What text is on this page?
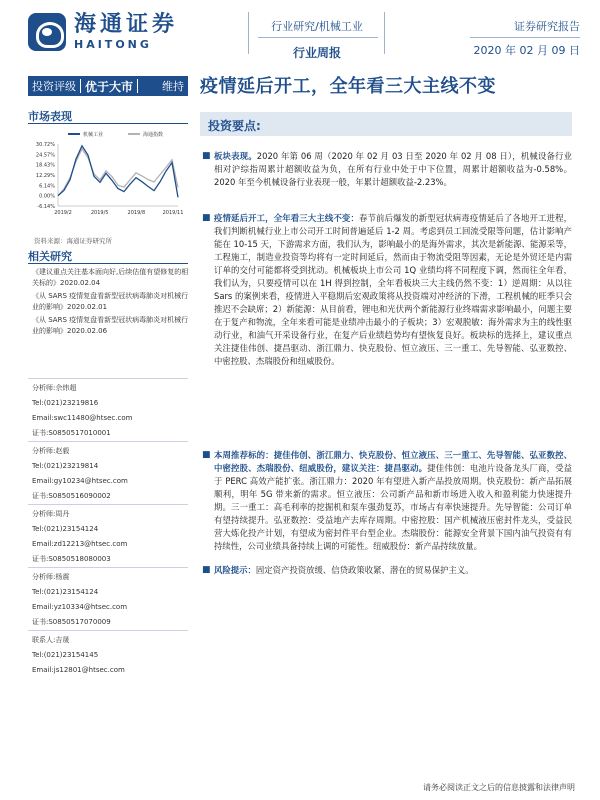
海通证券
HAITONG
行业研究/机械工业
行业周报
证券研究报告
2020 年 02 月 09 日
投资评级 优于大市	维持 疫情延后开工，全年看三大主线不变
市场表现
30.72%
24.57%
18.43%
12.29%
6.14%
0.00%
-6.14%
2019/2	2019/5	2019/8	2019/11
机械工业	海通指数
资料来源：海通证券研究所
相关研究
《建议重点关注基本面向好,后续估值有望修复的相关标的》2020.02.04
《从 SARS 疫情复盘看新型冠状病毒肺炎对机械行业的影响》2020.02.01
《从 SARS 疫情复盘看新型冠状病毒肺炎对机械行业的影响》2020.02.06
分析师:佘炜超
Tel:(021)23219816
Email:swc11480@htsec.com
证书:S0850517010001
分析师:赵毅
Tel:(021)23219814
Email:gy10234@htsec.com
证书:S0850516090002
分析师:周丹
Tel:(021)23154124
Email:zd12213@htsec.com
证书:S0850518080003
分析师:杨震
Tel:(021)23154124
Email:yz10334@htsec.com
证书:S0850517070009
联系人:吉晟
Tel:(021)23154145
Email:js12801@htsec.com
投资要点:
■ 板块表现。2020 年第 06 周（2020 年 02 月 03 日至 2020 年 02 月 08 日），机械设备行业相对沪综指周累计超额收益为负，在所有行业中处于中下位置，周累计超额收益为-0.58%。2020 年至今机械设备行业表现一般，年累计超额收益-2.23%。
■ 疫情延后开工，全年看三大主线不变：春节前后爆发的新型冠状病毒疫情延后了各地开工进程，我们判断机械行业上市公司开工时间普遍延后 1-2 周。考虑到员工回流受限等问题，估计影响产能在 10-15 天，下游需求方面，我们认为，影响最小的是海外需求，其次是新能源、能源采等，工程施工，制造业投资等均将有一定时间延后，然而由于物流受阻等因素，无论是外贸还是内需订单的交付可能都将受到扰动。机械板块上市公司 1Q 业绩均将不同程度下调，然而往全年看，我们认为，只要疫情可以在 1H 得到控制，全年看板块三大主线仍然不变：1）逆周期：从以往 Sars 的案例来看，疫情进入平稳期后宏观政策将从投资端对冲经济的下滑，工程机械的旺季只会推迟不会缺席；2）新能源：从目前看，锂电和光伏两个新能源行业终端需求影响最小，问题主要在于复产和物流，全年来看可能是业绩冲击最小的子板块；3）宏观脱敏：海外需求为主的线性驱动行业，和油气开采设备行业，在复产后业绩趋势均有望恢复良好。板块标的选择上，建议重点关注捷佳伟创、捷昌驱动、浙江鼎力、快克股份、恒立液压、三一重工、先导智能、弘亚数控、中密控股、杰瑞股份和纽威股份。
■ 本周推荐标的：捷佳伟创、浙江鼎力、快克股份、恒立液压、三一重工、先导智能、弘亚数控、中密控股、杰瑞股份、纽威股份，建议关注：捷昌驱动。捷佳伟创：电池片设备龙头厂商，受益于 PERC 高效产能扩张。浙江鼎力：2020 年有望进入新产品投放周期。快克股份：新产品拓展顺利，明年 5G 带来新的需求。恒立液压：公司新产品和新市场进入收入和盈利能力快速提升期。三一重工：高毛利率的挖掘机和泵车强劲复苏，市场占有率快速提升。先导智能：公司订单有望持续提升。弘亚数控：受益地产去库存周期。中密控股：国产机械液压密封件龙头，受益民营大炼化投产计划，有望成为密封件平台型企业。杰瑞股份：能源安全背景下国内油气投资有有持续性，公司业绩具备持续上调的可能性。纽威股份：新产品持续放量。
■ 风险提示：固定资产投资放缓、信贷政策收紧、潜在的贸易保护主义。
请务必阅读正文之后的信息披露和法律声明
